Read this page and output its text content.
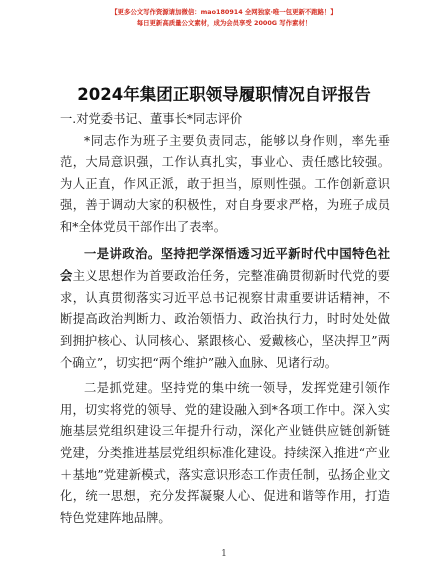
【更多公文写作资源请加微信：mao180914 全网独家·唯一包更新不跑路！】
每日更新高质量公文素材，成为会员享受 2000G 写作素材！
2024年集团正职领导履职情况自评报告

一.对党委书记、董事长*同志评价

*同志作为班子主要负责同志，能够以身作则，率先垂范，大局意识强，工作认真扎实，事业心、责任感比较强。为人正直，作风正派，敢于担当，原则性强。工作创新意识强，善于调动大家的积极性，对自身要求严格，为班子成员和*全体党员干部作出了表率。

一是讲政治。坚持把学深悟透习近平新时代中国特色社会主义思想作为首要政治任务，完整准确贯彻新时代党的要求，认真贯彻落实习近平总书记视察甘肃重要讲话精神，不断提高政治判断力、政治领悟力、政治执行力，时时处处做到拥护核心、认同核心、紧跟核心、爱戴核心，坚决捍卫”两个确立”，切实把“两个维护”融入血脉、见诸行动。

二是抓党建。坚持党的集中统一领导，发挥党建引领作用，切实将党的领导、党的建设融入到*各项工作中。深入实施基层党组织建设三年提升行动，深化产业链供应链创新链党建，分类推进基层党组织标准化建设。持续深入推进“产业＋基地”党建新模式，落实意识形态工作责任制，弘扬企业文化，统一思想，充分发挥凝聚人心、促进和谐等作用，打造特色党建阵地品牌。

1
